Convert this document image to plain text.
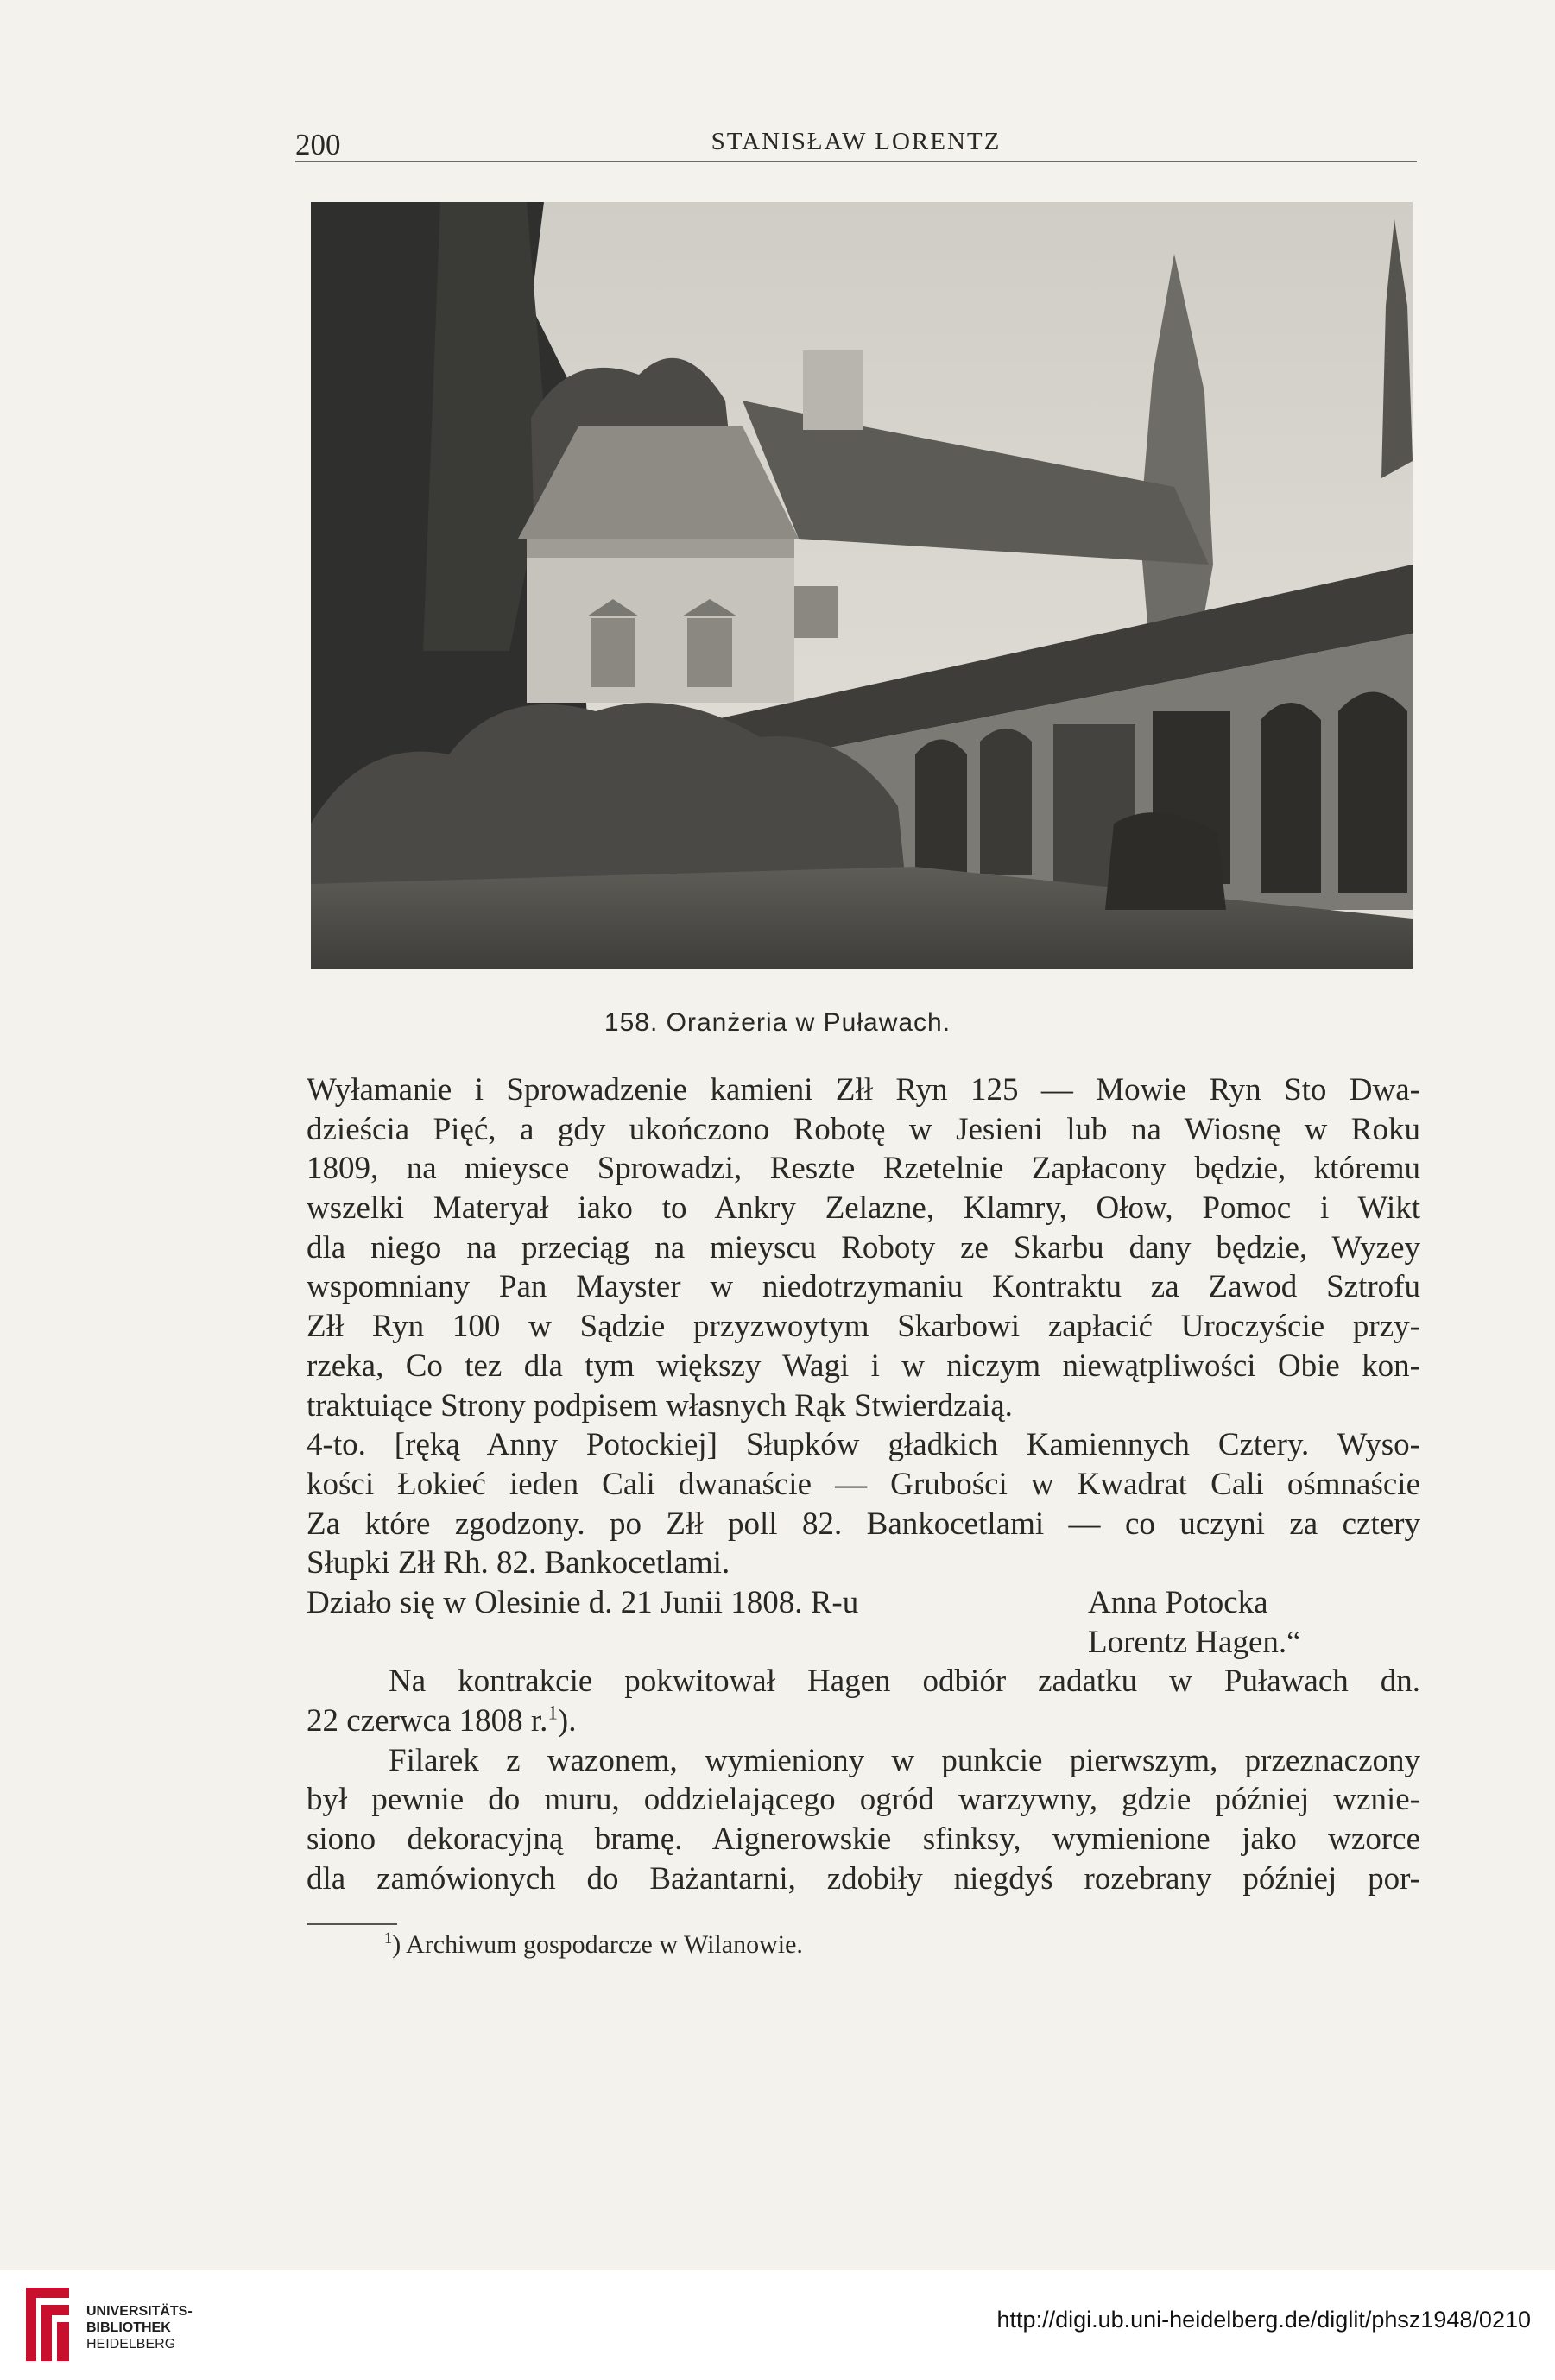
200	STANISŁAW LORENTZ
158. Oranżeria w Puławach.
Wyłamanie i Sprowadzenie kamieni Złł Ryn 125 — Mowie Ryn Sto Dwa-
dzieścia Pięć, a gdy ukończono Robotę w Jesieni lub na Wiosnę w Roku
1809, na mieysce Sprowadzi, Reszte Rzetelnie Zapłacony będzie, któremu
wszelki Materyał iako to Ankry Zelazne, Klamry, Ołow, Pomoc i Wikt
dla niego na przeciąg na mieyscu Roboty ze Skarbu dany będzie, Wyzey
wspomniany Pan Mayster w niedotrzymaniu Kontraktu za Zawod Sztrofu
Złł Ryn 100 w Sądzie przyzwoytym Skarbowi zapłacić Uroczyście przy-
rzeka, Co tez dla tym większy Wagi i w niczym niewątpliwości Obie kon-
traktuiące Strony podpisem własnych Rąk Stwierdzaią.
4-to. [ręką Anny Potockiej] Słupków gładkich Kamiennych Cztery. Wyso-
kości Łokieć ieden Cali dwanaście — Grubości w Kwadrat Cali ośmnaście
Za które zgodzony. po Złł poll 82. Bankocetlami — co uczyni za cztery
Słupki Złł Rh. 82. Bankocetlami.
Działo się w Olesinie d. 21 Junii 1808. R-u	Anna Potocka
Lorentz Hagen.“
Na kontrakcie pokwitował Hagen odbiór zadatku w Puławach dn.
22 czerwca 1808 r.$^1$).
Filarek z wazonem, wymieniony w punkcie pierwszym, przeznaczony
był pewnie do muru, oddzielającego ogród warzywny, gdzie później wznie-
siono dekoracyjną bramę. Aignerowskie sfinksy, wymienione jako wzorce
dla zamówionych do Bażantarni, zdobiły niegdyś rozebrany później por-
$^1$) Archiwum gospodarcze w Wilanowie.
UNIVERSITÄTS-
BIBLIOTHEK
HEIDELBERG
http://digi.ub.uni-heidelberg.de/diglit/phsz1948/0210
